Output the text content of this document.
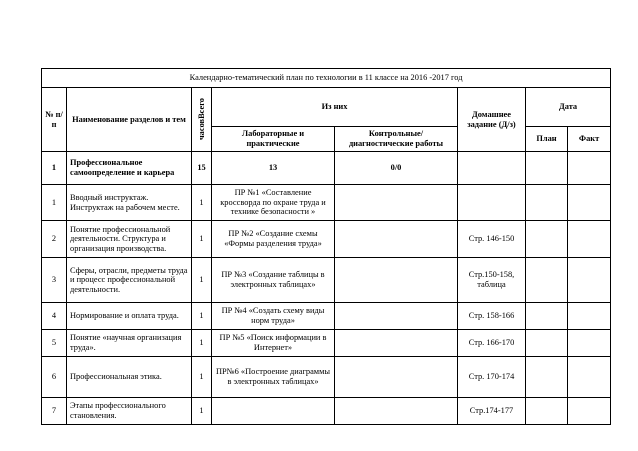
Календарно-тематический план по технологии в 11 классе на 2016 -2017 год							
№ п/п	Наименование разделов и тем	часовВсего	Из них		Домашнее задание (Д/з)	Дата	
			Лабораторные и практические	Контрольные/ диагностические работы		План	Факт
1	Профессиональное самоопределение и карьера	15	13	0/0			
1	Вводный инструктаж. Инструктаж на рабочем месте.	1	ПР №1 «Составление кроссворда по охране труда и технике безопасности »				
2	Понятие профессиональной деятельности. Структура и организация производства.	1	ПР №2 «Создание схемы «Формы разделения труда»		Стр. 146-150		
3	Сферы, отрасли, предметы труда и процесс профессиональной деятельности.	1	ПР №3 «Создание таблицы в электронных таблицах»		Стр.150-158, таблица		
4	Нормирование и оплата труда.	1	ПР №4 «Создать схему виды норм труда»		Стр. 158-166		
5	Понятие «научная организация труда».	1	ПР №5 «Поиск информации в Интернет»		Стр. 166-170		
6	Профессиональная этика.	1	ПР№6 «Построение диаграммы в электронных таблицах»		Стр. 170-174		
7	Этапы профессионального становления.	1			Стр.174-177		
